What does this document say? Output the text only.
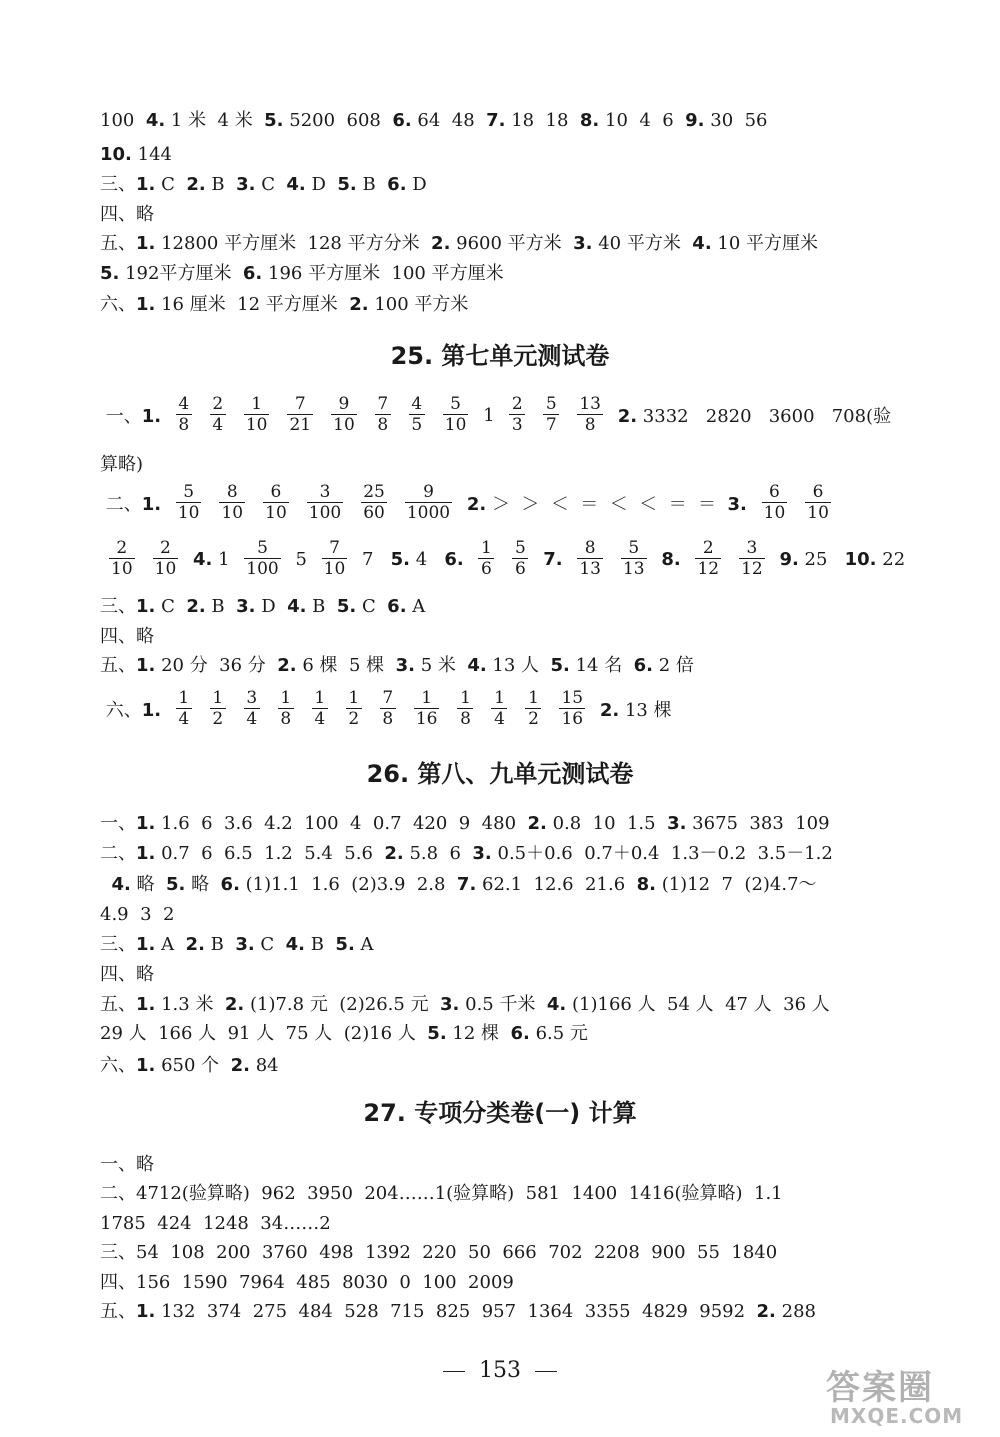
100  4. 1 米  4 米  5. 5200  608  6. 64  48  7. 18  18  8. 10  4  6  9. 30  56
10. 144
三、1. C  2. B  3. C  4. D  5. B  6. D
四、略
五、1. 12800 平方厘米  128 平方分米  2. 9600 平方米  3. 40 平方米  4. 10 平方厘米
5. 192平方厘米  6. 196 平方厘米  100 平方厘米
六、1. 16 厘米  12 平方厘米  2. 100 平方米
25. 第七单元测试卷
一、1. $\frac{4}{8} \frac{2}{4} \frac{1}{10} \frac{7}{21} \frac{9}{10} \frac{7}{8} \frac{4}{5} \frac{5}{10} 1 \frac{2}{3} \frac{5}{7} \frac{13}{8} 2$. 3332   2820   3600   708(验
算略)
二、1. $\frac{5}{10} \frac{8}{10} \frac{6}{10} \frac{3}{100} \frac{25}{60} \frac{9}{1000} 2$. ＞  ＞  ＜  ＝  ＜  ＜  ＝  ＝  3. $\frac{6}{10} \frac{6}{10}$
$\frac{2}{10} \frac{2}{10} 4$. $1 \frac{5}{100} 5 \frac{7}{10} 7$   5. 4   6. $\frac{1}{6} \frac{5}{6} 7$. $\frac{8}{13} \frac{5}{13} 8$. $\frac{2}{12} \frac{3}{12} 9$. 25   10. 22
三、1. C  2. B  3. D  4. B  5. C  6. A
四、略
五、1. 20 分  36 分  2. 6 棵  5 棵  3. 5 米  4. 13 人  5. 14 名  6. 2 倍
六、1. $\frac{1}{4} \frac{1}{2} \frac{3}{4} \frac{1}{8} \frac{1}{4} \frac{1}{2} \frac{7}{8} \frac{1}{16} \frac{1}{8} \frac{1}{4} \frac{1}{2} \frac{15}{16} 2$. 13 棵
26. 第八、九单元测试卷
一、1. 1.6  6  3.6  4.2  100  4  0.7  420  9  480  2. 0.8  10  1.5  3. 3675  383  109
二、1. 0.7  6  6.5  1.2  5.4  5.6  2. 5.8  6  3. 0.5＋0.6  0.7＋0.4  1.3－0.2  3.5－1.2
4. 略  5. 略  6. (1)1.1  1.6  (2)3.9  2.8  7. 62.1  12.6  21.6  8. (1)12  7  (2)4.7～
4.9  3  2
三、1. A  2. B  3. C  4. B  5. A
四、略
五、1. 1.3 米  2. (1)7.8 元  (2)26.5 元  3. 0.5 千米  4. (1)166 人  54 人  47 人  36 人
29 人  166 人  91 人  75 人  (2)16 人  5. 12 棵  6. 6.5 元
六、1. 650 个  2. 84
27. 专项分类卷(一) 计算
一、略
二、4712(验算略)  962  3950  204……1(验算略)  581  1400  1416(验算略)  1.1
1785  424  1248  34……2
三、54  108  200  3760  498  1392  220  50  666  702  2208  900  55  1840
四、156  1590  7964  485  8030  0  100  2009
五、1. 132  374  275  484  528  715  825  957  1364  3355  4829  9592  2. 288
153	答案圈
MXQE.COM
